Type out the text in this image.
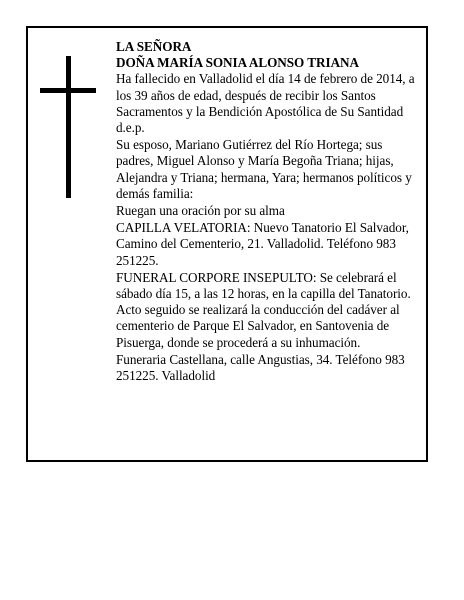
LA SEÑORA

DOÑA MARÍA SONIA ALONSO TRIANA

Ha fallecido en Valladolid el día 14 de febrero de 2014, a los 39 años de edad, después de recibir los Santos Sacramentos y la Bendición Apostólica de Su Santidad d.e.p.

Su esposo, Mariano Gutiérrez del Río Hortega; sus padres, Miguel Alonso y María Begoña Triana; hijas, Alejandra y Triana; hermana, Yara; hermanos políticos y demás familia:

Ruegan una oración por su alma

CAPILLA VELATORIA: Nuevo Tanatorio El Salvador, Camino del Cementerio, 21. Valladolid. Teléfono 983 251225.

FUNERAL CORPORE INSEPULTO: Se celebrará el sábado día 15, a las 12 horas, en la capilla del Tanatorio. Acto seguido se realizará la conducción del cadáver al cementerio de Parque El Salvador, en Santovenia de Pisuerga, donde se procederá a su inhumación.

Funeraria Castellana, calle Angustias, 34. Teléfono 983 251225. Valladolid
